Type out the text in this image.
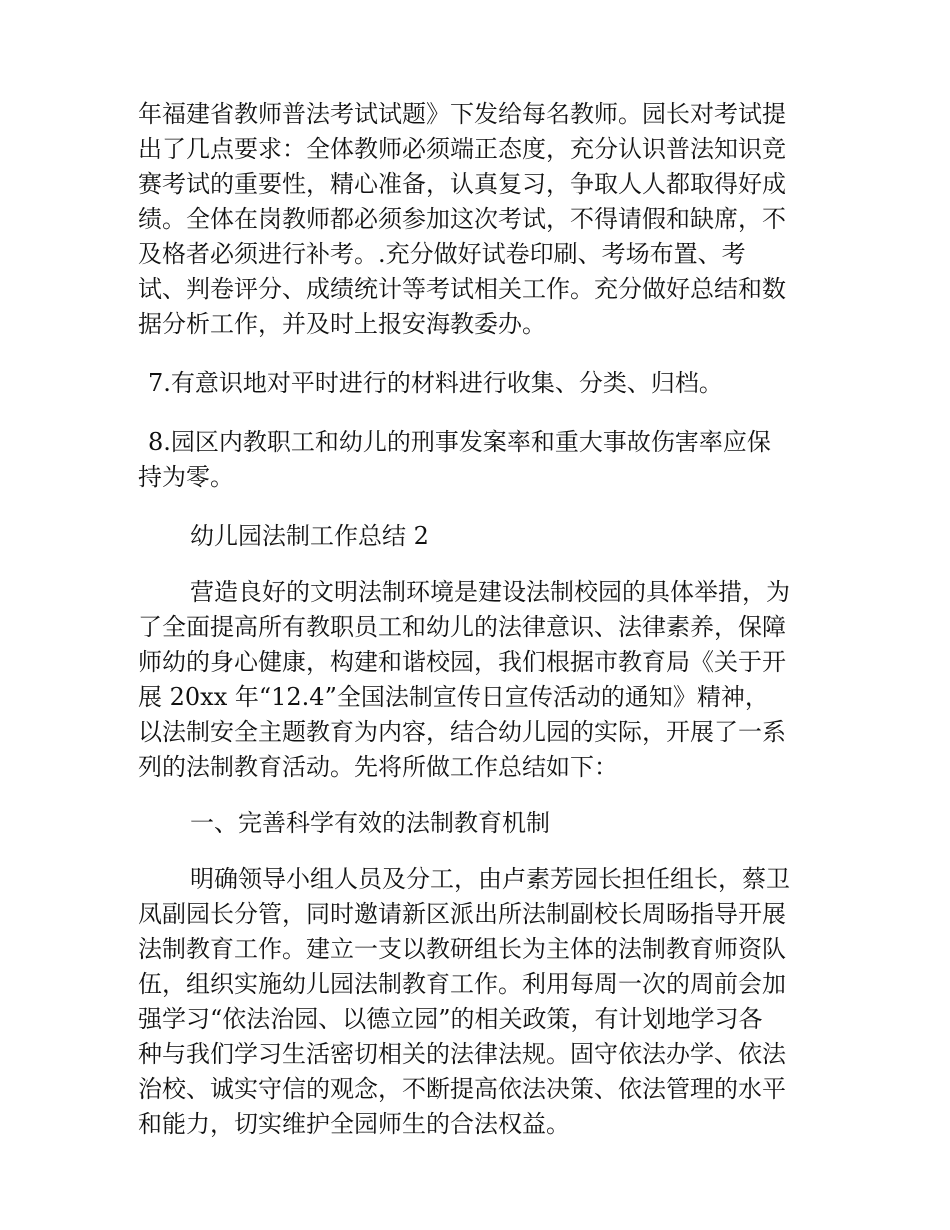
年福建省教师普法考试试题》下发给每名教师。园长对考试提
出了几点要求：全体教师必须端正态度，充分认识普法知识竞
赛考试的重要性，精心准备，认真复习，争取人人都取得好成
绩。全体在岗教师都必须参加这次考试，不得请假和缺席，不
及格者必须进行补考。.充分做好试卷印刷、考场布置、考
试、判卷评分、成绩统计等考试相关工作。充分做好总结和数
据分析工作，并及时上报安海教委办。
7.有意识地对平时进行的材料进行收集、分类、归档。
8.园区内教职工和幼儿的刑事发案率和重大事故伤害率应保
持为零。
幼儿园法制工作总结 2
营造良好的文明法制环境是建设法制校园的具体举措，为
了全面提高所有教职员工和幼儿的法律意识、法律素养，保障
师幼的身心健康，构建和谐校园，我们根据市教育局《关于开
展 20xx 年“12.4”全国法制宣传日宣传活动的通知》精神，
以法制安全主题教育为内容，结合幼儿园的实际，开展了一系
列的法制教育活动。先将所做工作总结如下：
一、完善科学有效的法制教育机制
明确领导小组人员及分工，由卢素芳园长担任组长，蔡卫
凤副园长分管，同时邀请新区派出所法制副校长周旸指导开展
法制教育工作。建立一支以教研组长为主体的法制教育师资队
伍，组织实施幼儿园法制教育工作。利用每周一次的周前会加
强学习“依法治园、以德立园”的相关政策，有计划地学习各
种与我们学习生活密切相关的法律法规。固守依法办学、依法
治校、诚实守信的观念，不断提高依法决策、依法管理的水平
和能力，切实维护全园师生的合法权益。
